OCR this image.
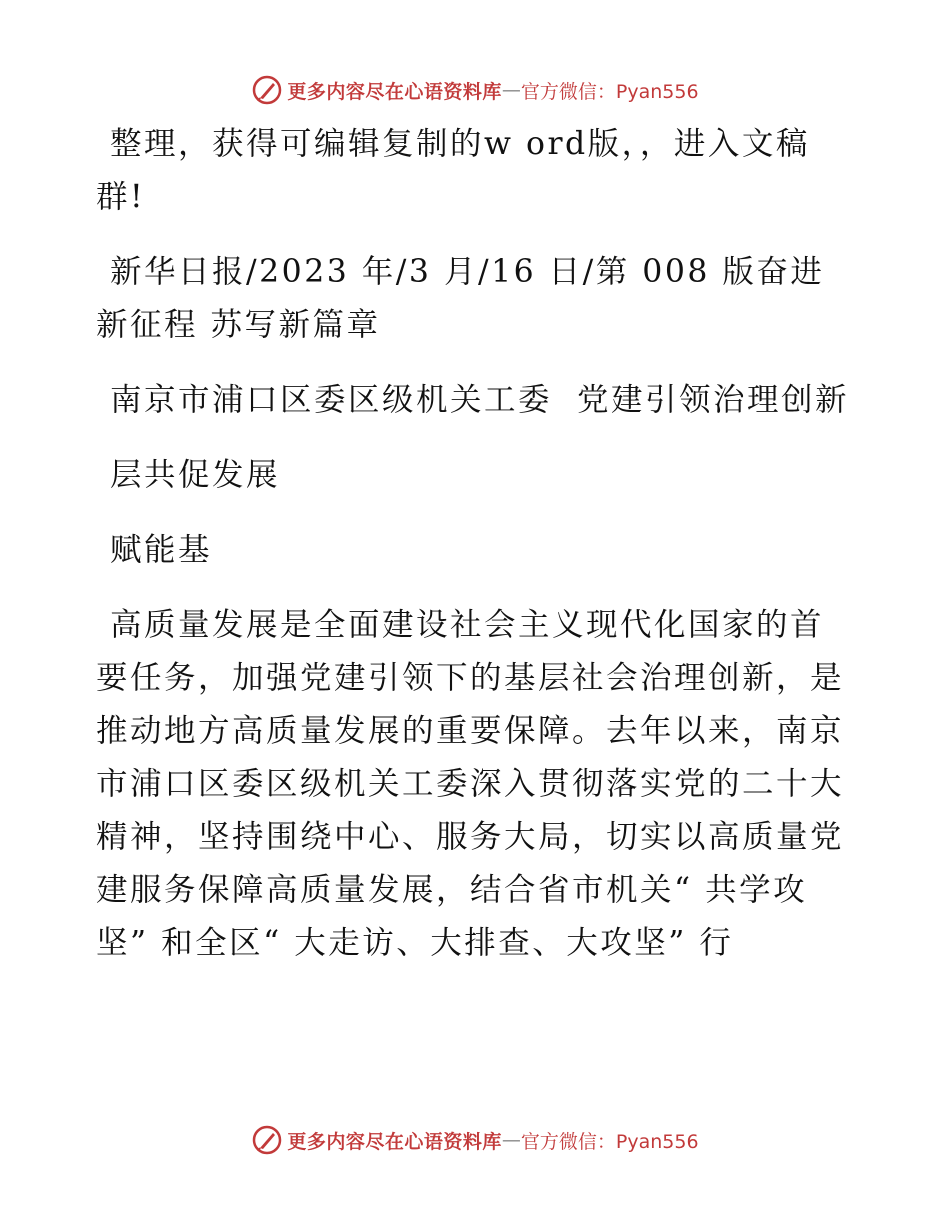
更多内容尽在心语资料库 — 官方微信：Pyan556

整理，获得可编辑复制的w ord版，，进入文稿群!

新华日报/2023 年/3 月/16 日/第 008 版奋进新征程 苏写新篇章

南京市浦口区委区级机关工委  党建引领治理创新

层共促发展

赋能基

高质量发展是全面建设社会主义现代化国家的首要任务，加强党建引领下的基层社会治理创新，是推动地方高质量发展的重要保障。去年以来，南京市浦口区委区级机关工委深入贯彻落实党的二十大精神，坚持围绕中心、服务大局，切实以高质量党建服务保障高质量发展，结合省市机关“ 共学攻坚” 和全区“ 大走访、大排查、大攻坚” 行

更多内容尽在心语资料库 — 官方微信：Pyan556
